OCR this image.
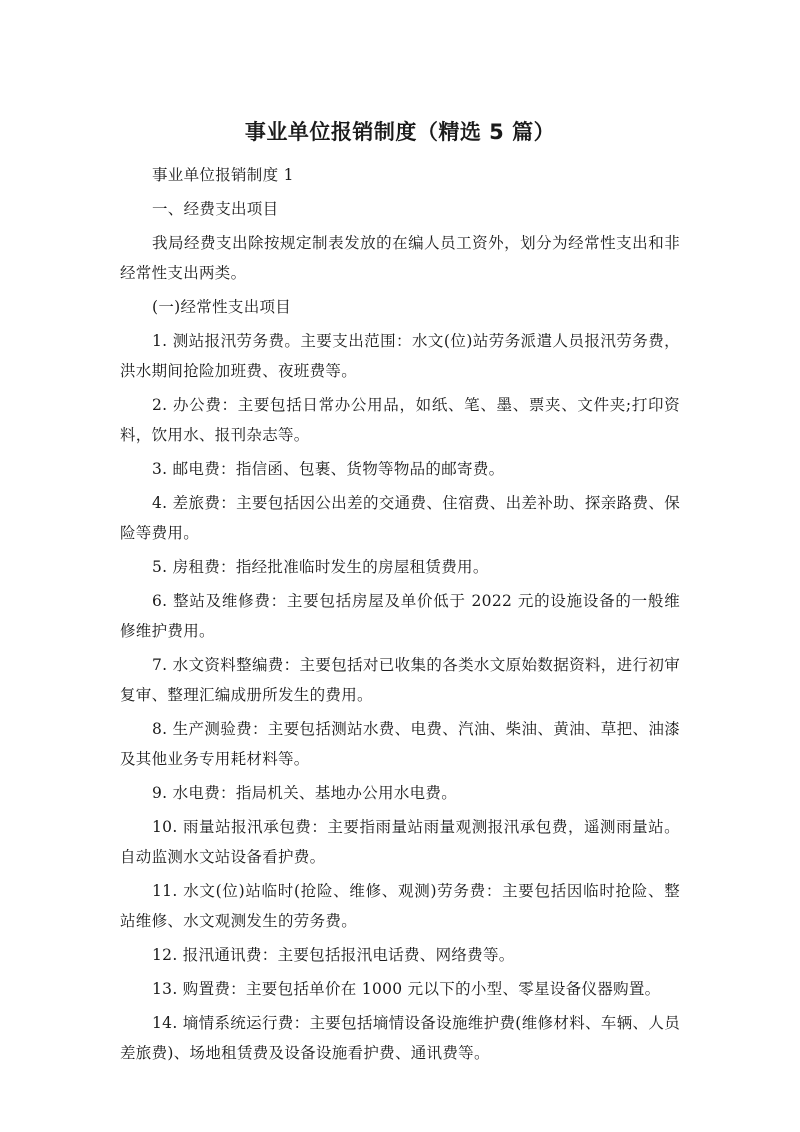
事业单位报销制度（精选 5 篇）

事业单位报销制度 1

一、经费支出项目

我局经费支出除按规定制表发放的在编人员工资外，划分为经常性支出和非经常性支出两类。

(一)经常性支出项目

1. 测站报汛劳务费。主要支出范围：水文(位)站劳务派遣人员报汛劳务费，洪水期间抢险加班费、夜班费等。

2. 办公费：主要包括日常办公用品，如纸、笔、墨、票夹、文件夹;打印资料，饮用水、报刊杂志等。

3. 邮电费：指信函、包裹、货物等物品的邮寄费。

4. 差旅费：主要包括因公出差的交通费、住宿费、出差补助、探亲路费、保险等费用。

5. 房租费：指经批准临时发生的房屋租赁费用。

6. 整站及维修费：主要包括房屋及单价低于 2022 元的设施设备的一般维修维护费用。

7. 水文资料整编费：主要包括对已收集的各类水文原始数据资料，进行初审复审、整理汇编成册所发生的费用。

8. 生产测验费：主要包括测站水费、电费、汽油、柴油、黄油、草把、油漆及其他业务专用耗材料等。

9. 水电费：指局机关、基地办公用水电费。

10. 雨量站报汛承包费：主要指雨量站雨量观测报汛承包费，遥测雨量站。自动监测水文站设备看护费。

11. 水文(位)站临时(抢险、维修、观测)劳务费：主要包括因临时抢险、整站维修、水文观测发生的劳务费。

12. 报汛通讯费：主要包括报汛电话费、网络费等。

13. 购置费：主要包括单价在 1000 元以下的小型、零星设备仪器购置。

14. 墒情系统运行费：主要包括墒情设备设施维护费(维修材料、车辆、人员差旅费)、场地租赁费及设备设施看护费、通讯费等。
